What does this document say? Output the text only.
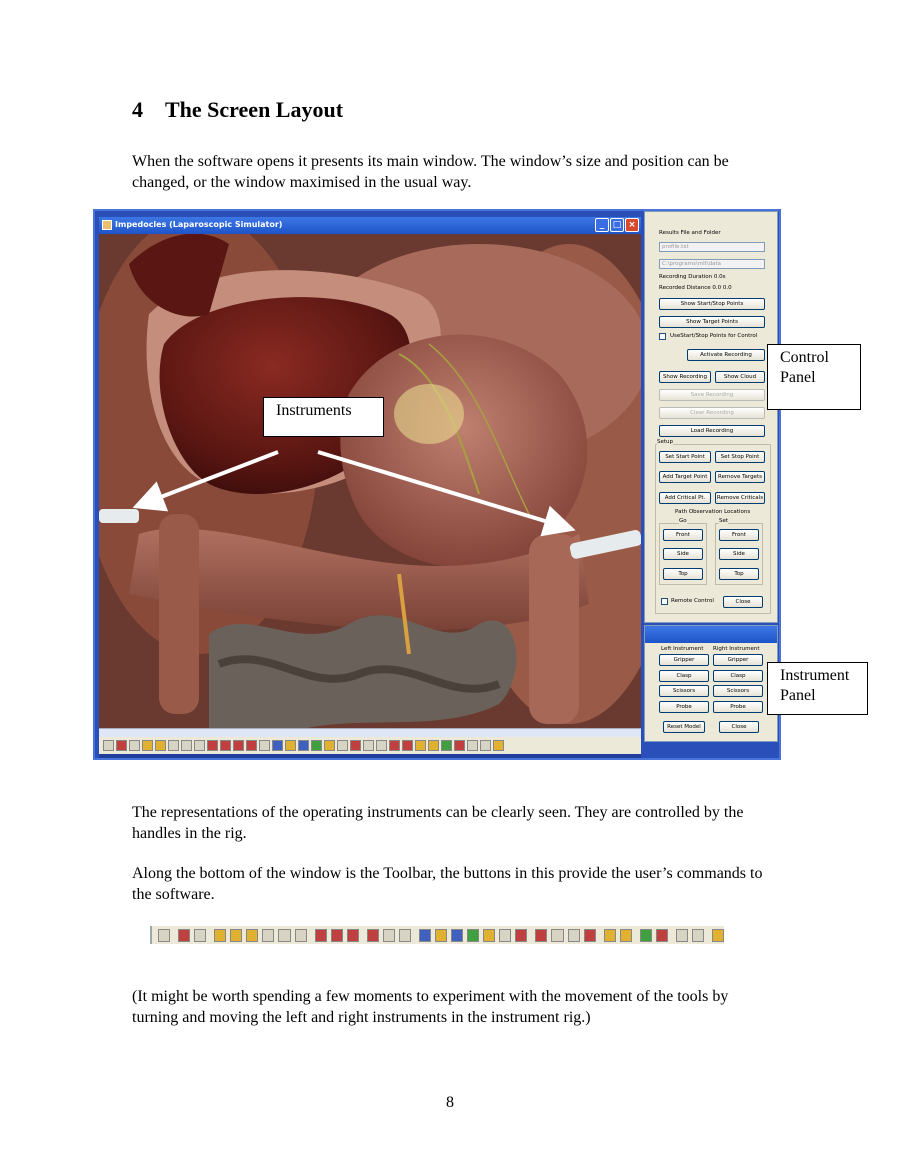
4 The Screen Layout

When the software opens it presents its main window. The window’s size and position can be changed, or the window maximised in the usual way.

Impedocles (Laparoscopic Simulator)	_ □ ×
Results File and Folder
profile.txt
C:\programs\mlt\data
Recording Duration 0.0s
Recorded Distance 0.0 0.0
Show Start/Stop Points
Show Target Points
UseStart/Stop Points for Control
Activate Recording
Show Recording	Show Cloud
Save Recording
Clear Recording
Load Recording
Setup
Set Start Point	Set Stop Point
Add Target Point	Remove Targets
Add Critical Pt.	Remove Criticals
Path Observation Locations
Go	Set
Front	Front
Side	Side
Top	Top
Remote Control	Close
Left Instrument Right Instrument
Gripper	Gripper
Clasp	Clasp
Scissors	Scissors
Probe	Probe
Reset Model	Close
Instruments
Control Panel
Instrument Panel

The representations of the operating instruments can be clearly seen. They are controlled by the handles in the rig.

Along the bottom of the window is the Toolbar, the buttons in this provide the user’s commands to the software.

(It might be worth spending a few moments to experiment with the movement of the tools by turning and moving the left and right instruments in the instrument rig.)

8
